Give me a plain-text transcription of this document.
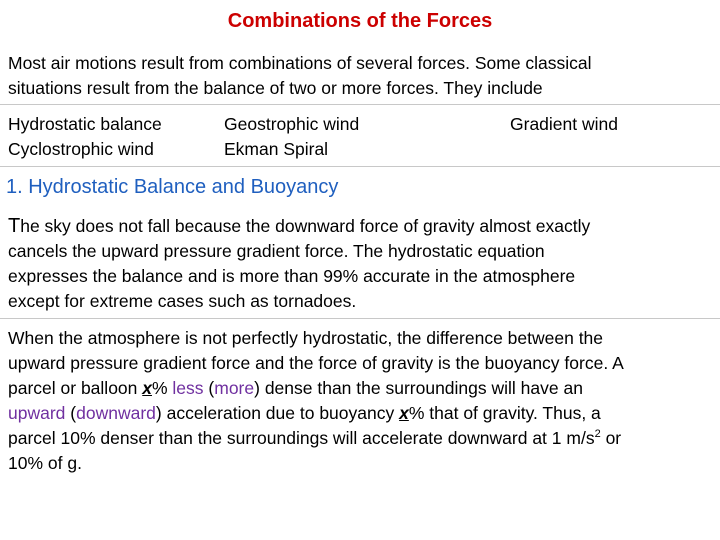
Combinations of the Forces
Most air motions result from combinations of several forces. Some classical
situations result from the balance of two or more forces. They include
Hydrostatic balance
Cyclostrophic wind
Geostrophic wind
Ekman Spiral
Gradient wind
1. Hydrostatic Balance and Buoyancy
The sky does not fall because the downward force of gravity almost exactly
cancels the upward pressure gradient force. The hydrostatic equation
expresses the balance and is more than 99% accurate in the atmosphere
except for extreme cases such as tornadoes.
When the atmosphere is not perfectly hydrostatic, the difference between the
upward pressure gradient force and the force of gravity is the buoyancy force. A
parcel or balloon x% less (more) dense than the surroundings will have an
upward (downward) acceleration due to buoyancy x% that of gravity. Thus, a
parcel 10% denser than the surroundings will accelerate downward at 1 $m/s^2$ or
10% of g.
